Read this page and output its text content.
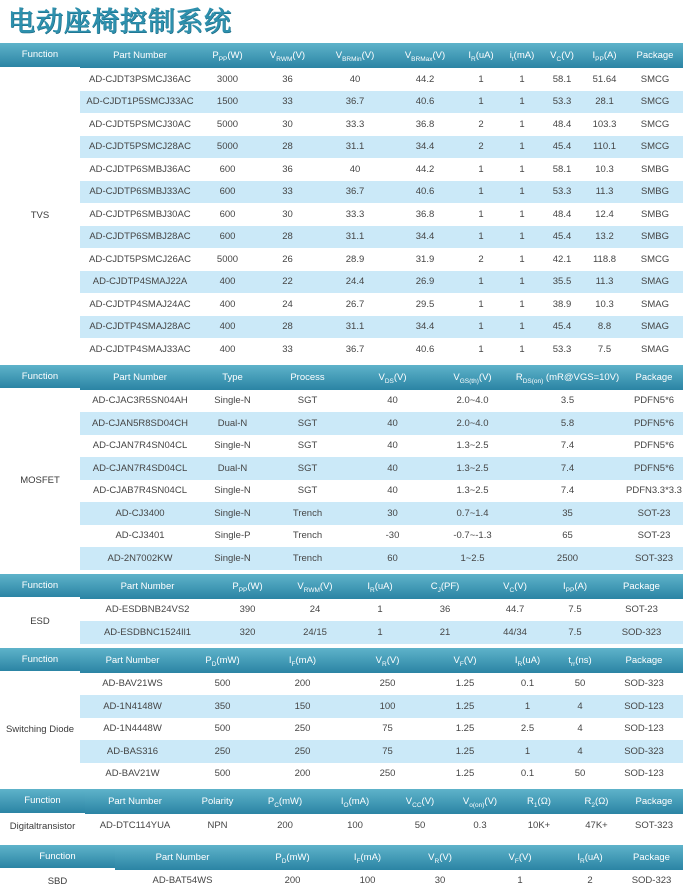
电动座椅控制系统
Function	Part Number	$P_{PP}(W)$	$V_{RWM}(V)$	$V_{BRMin}(V)$	$V_{BRMax}(V)$	$I_R(uA)$	$i_t(mA)$	$V_C(V)$	$I_{PP}(A)$	Package
TVS	AD-CJDT3PSMCJ36AC	3000	36	40	44.2	1	1	58.1	51.64	SMCG
	AD-CJDT1P5SMCJ33AC	1500	33	36.7	40.6	1	1	53.3	28.1	SMCG
	AD-CJDT5PSMCJ30AC	5000	30	33.3	36.8	2	1	48.4	103.3	SMCG
	AD-CJDT5PSMCJ28AC	5000	28	31.1	34.4	2	1	45.4	110.1	SMCG
	AD-CJDTP6SMBJ36AC	600	36	40	44.2	1	1	58.1	10.3	SMBG
	AD-CJDTP6SMBJ33AC	600	33	36.7	40.6	1	1	53.3	11.3	SMBG
	AD-CJDTP6SMBJ30AC	600	30	33.3	36.8	1	1	48.4	12.4	SMBG
	AD-CJDTP6SMBJ28AC	600	28	31.1	34.4	1	1	45.4	13.2	SMBG
	AD-CJDT5PSMCJ26AC	5000	26	28.9	31.9	2	1	42.1	118.8	SMCG
	AD-CJDTP4SMAJ22A	400	22	24.4	26.9	1	1	35.5	11.3	SMAG
	AD-CJDTP4SMAJ24AC	400	24	26.7	29.5	1	1	38.9	10.3	SMAG
	AD-CJDTP4SMAJ28AC	400	28	31.1	34.4	1	1	45.4	8.8	SMAG
	AD-CJDTP4SMAJ33AC	400	33	36.7	40.6	1	1	53.3	7.5	SMAG
Function	Part Number	Type	Process	$V_{DS}(V)$	$V_{GS(th)}(V)$	$R_{DS(on)}$ (mR@VGS=10V)	Package
MOSFET	AD-CJAC3R5SN04AH	Single-N	SGT	40	2.0~4.0	3.5	PDFN5*6
	AD-CJAN5R8SD04CH	Dual-N	SGT	40	2.0~4.0	5.8	PDFN5*6
	AD-CJAN7R4SN04CL	Single-N	SGT	40	1.3~2.5	7.4	PDFN5*6
	AD-CJAN7R4SD04CL	Dual-N	SGT	40	1.3~2.5	7.4	PDFN5*6
	AD-CJAB7R4SN04CL	Single-N	SGT	40	1.3~2.5	7.4	PDFN3.3*3.3
	AD-CJ3400	Single-N	Trench	30	0.7~1.4	35	SOT-23
	AD-CJ3401	Single-P	Trench	-30	-0.7~-1.3	65	SOT-23
	AD-2N7002KW	Single-N	Trench	60	1~2.5	2500	SOT-323
Function	Part Number	$P_{PP}(W)$	$V_{RWM}(V)$	$I_R(uA)$	$C_J(PF)$	$V_C(V)$	$I_{PP}(A)$	Package
ESD	AD-ESDBNB24VS2	390	24	1	36	44.7	7.5	SOT-23
	AD-ESDBNC1524Il1	320	24/15	1	21	44/34	7.5	SOD-323
Function	Part Number	$P_D(mW)$	$I_F(mA)$	$V_R(V)$	$V_F(V)$	$I_R(uA)$	$t_{rr}(ns)$	Package
Switching Diode	AD-BAV21WS	500	200	250	1.25	0.1	50	SOD-323
	AD-1N4148W	350	150	100	1.25	1	4	SOD-123
	AD-1N4448W	500	250	75	1.25	2.5	4	SOD-123
	AD-BAS316	250	250	75	1.25	1	4	SOD-323
	AD-BAV21W	500	200	250	1.25	0.1	50	SOD-123
Function	Part Number	Polarity	$P_C(mW)$	$I_O(mA)$	$V_{CC}(V)$	$V_{o(on)}(V)$	$R_1(\Omega)$	$R_2(\Omega)$	Package
Digitaltransistor	AD-DTC114YUA	NPN	200	100	50	0.3	10K+	47K+	SOT-323
Function	Part Number	$P_D(mW)$	$I_F(mA)$	$V_R(V)$	$V_F(V)$	$I_R(uA)$	Package
SBD	AD-BAT54WS	200	100	30	1	2	SOD-323
